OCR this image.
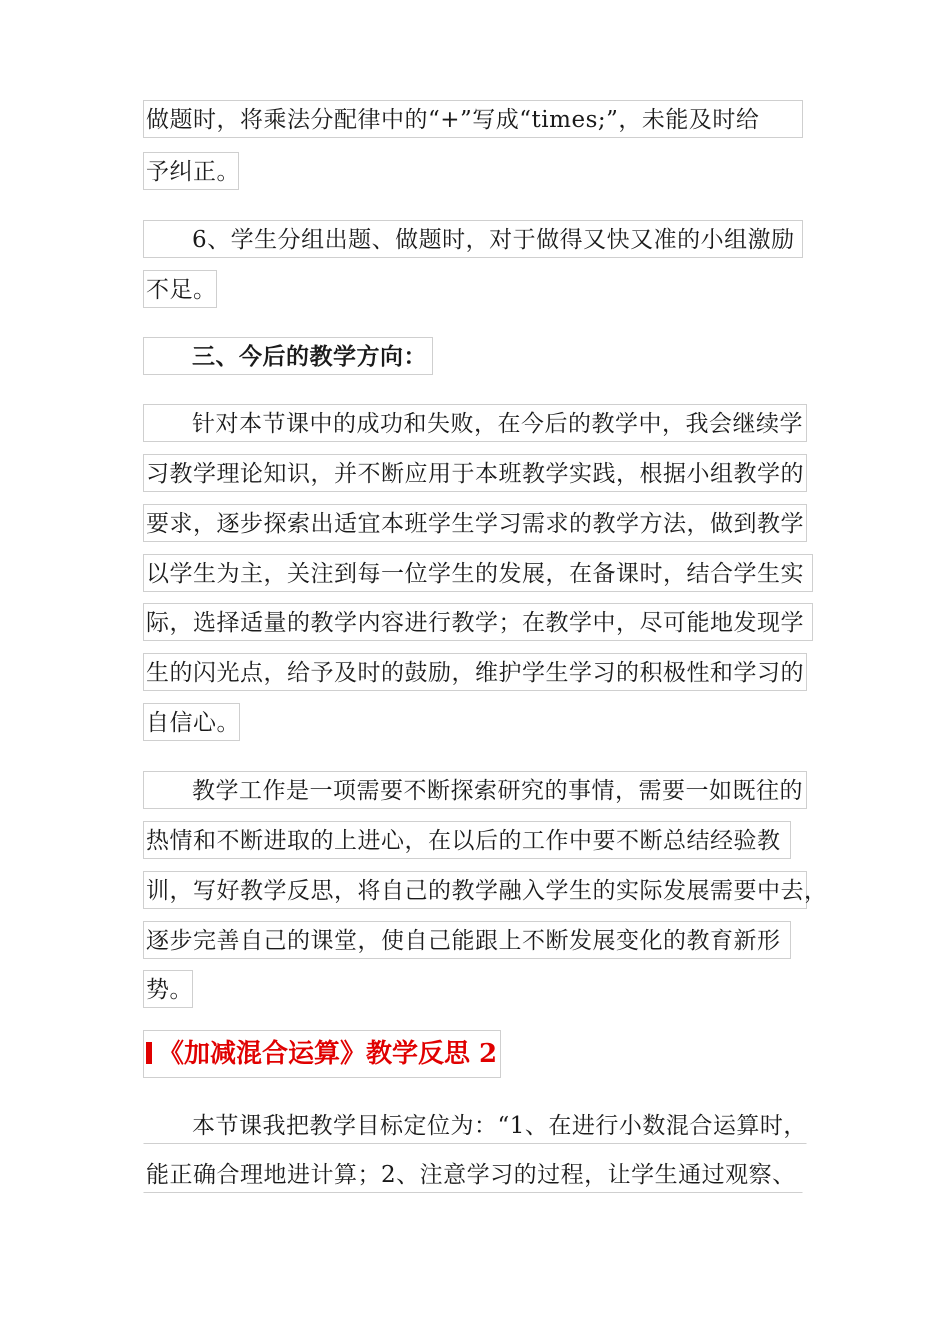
做题时，将乘法分配律中的“+”写成“times;”，未能及时给
予纠正。
6、学生分组出题、做题时，对于做得又快又准的小组激励
不足。
三、今后的教学方向：
针对本节课中的成功和失败，在今后的教学中，我会继续学
习教学理论知识，并不断应用于本班教学实践，根据小组教学的
要求，逐步探索出适宜本班学生学习需求的教学方法，做到教学
以学生为主，关注到每一位学生的发展，在备课时，结合学生实
际，选择适量的教学内容进行教学；在教学中，尽可能地发现学
生的闪光点，给予及时的鼓励，维护学生学习的积极性和学习的
自信心。
教学工作是一项需要不断探索研究的事情，需要一如既往的
热情和不断进取的上进心，在以后的工作中要不断总结经验教
训，写好教学反思，将自己的教学融入学生的实际发展需要中去，
逐步完善自己的课堂，使自己能跟上不断发展变化的教育新形
势。
《加减混合运算》教学反思 2
本节课我把教学目标定位为：“1、在进行小数混合运算时，
能正确合理地进计算；2、注意学习的过程，让学生通过观察、
